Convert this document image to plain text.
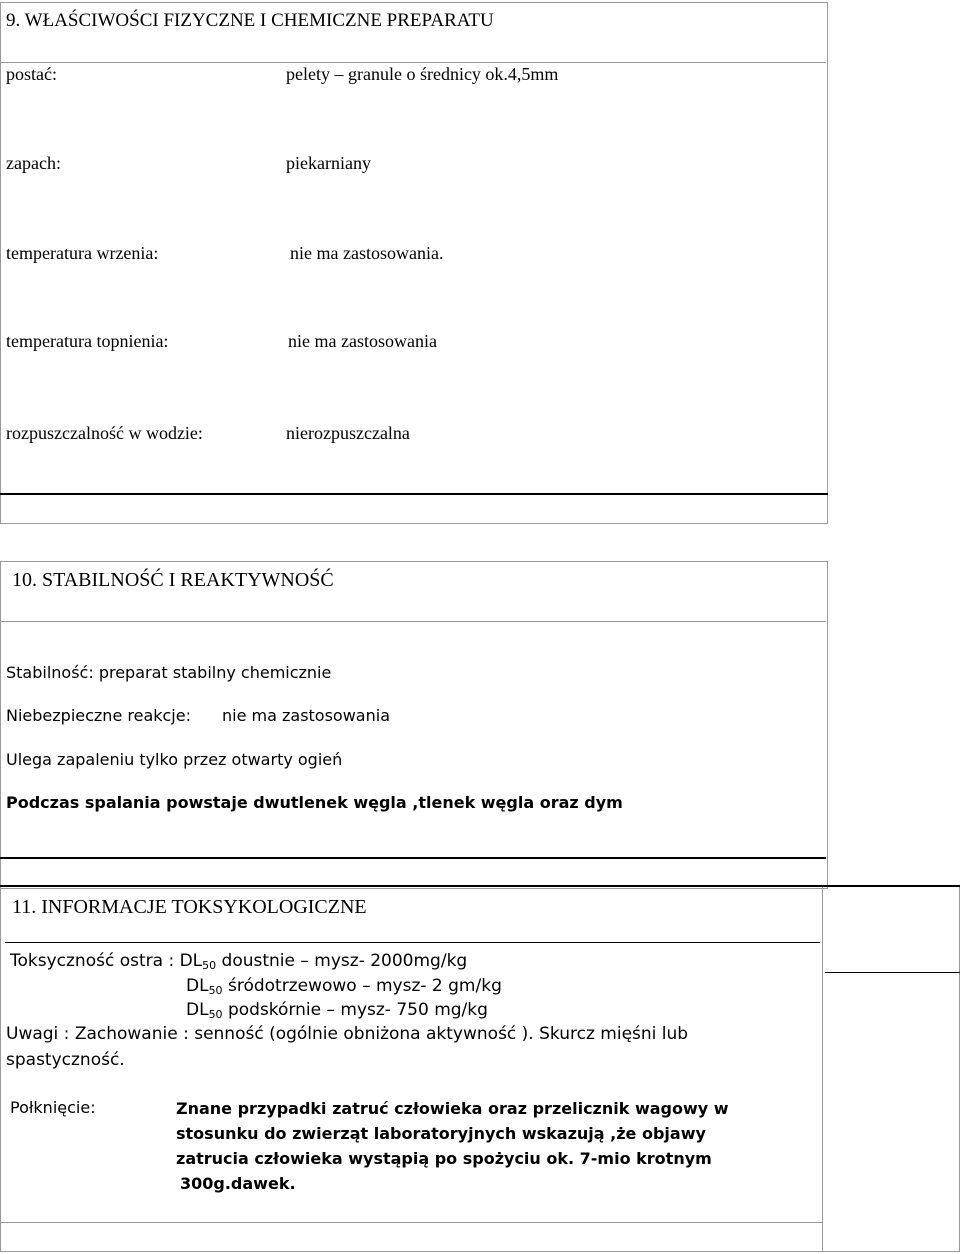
9. WŁAŚCIWOŚCI FIZYCZNE I CHEMICZNE PREPARATU
postać:	pelety – granule o średnicy ok.4,5mm
zapach:	piekarniany
temperatura wrzenia:	nie ma zastosowania.
temperatura topnienia:	nie ma zastosowania
rozpuszczalność w wodzie:	nierozpuszczalna
10. STABILNOŚĆ I REAKTYWNOŚĆ
Stabilność: preparat stabilny chemicznie
Niebezpieczne reakcje: nie ma zastosowania
Ulega zapaleniu tylko przez otwarty ogień
Podczas spalania powstaje dwutlenek węgla ,tlenek węgla oraz dym
11. INFORMACJE TOKSYKOLOGICZNE
Toksyczność ostra : $DL_{50}$ doustnie – mysz- 2000mg/kg
$DL_{50}$ śródotrzewowo – mysz- 2 gm/kg
$DL_{50}$ podskórnie – mysz- 750 mg/kg
Uwagi : Zachowanie : senność (ogólnie obniżona aktywność ). Skurcz mięśni lub
spastyczność.
Połknięcie:	Znane przypadki zatruć człowieka oraz przelicznik wagowy w
stosunku do zwierząt laboratoryjnych wskazują ,że objawy
zatrucia człowieka wystąpią po spożyciu ok. 7-mio krotnym
300g.dawek.
